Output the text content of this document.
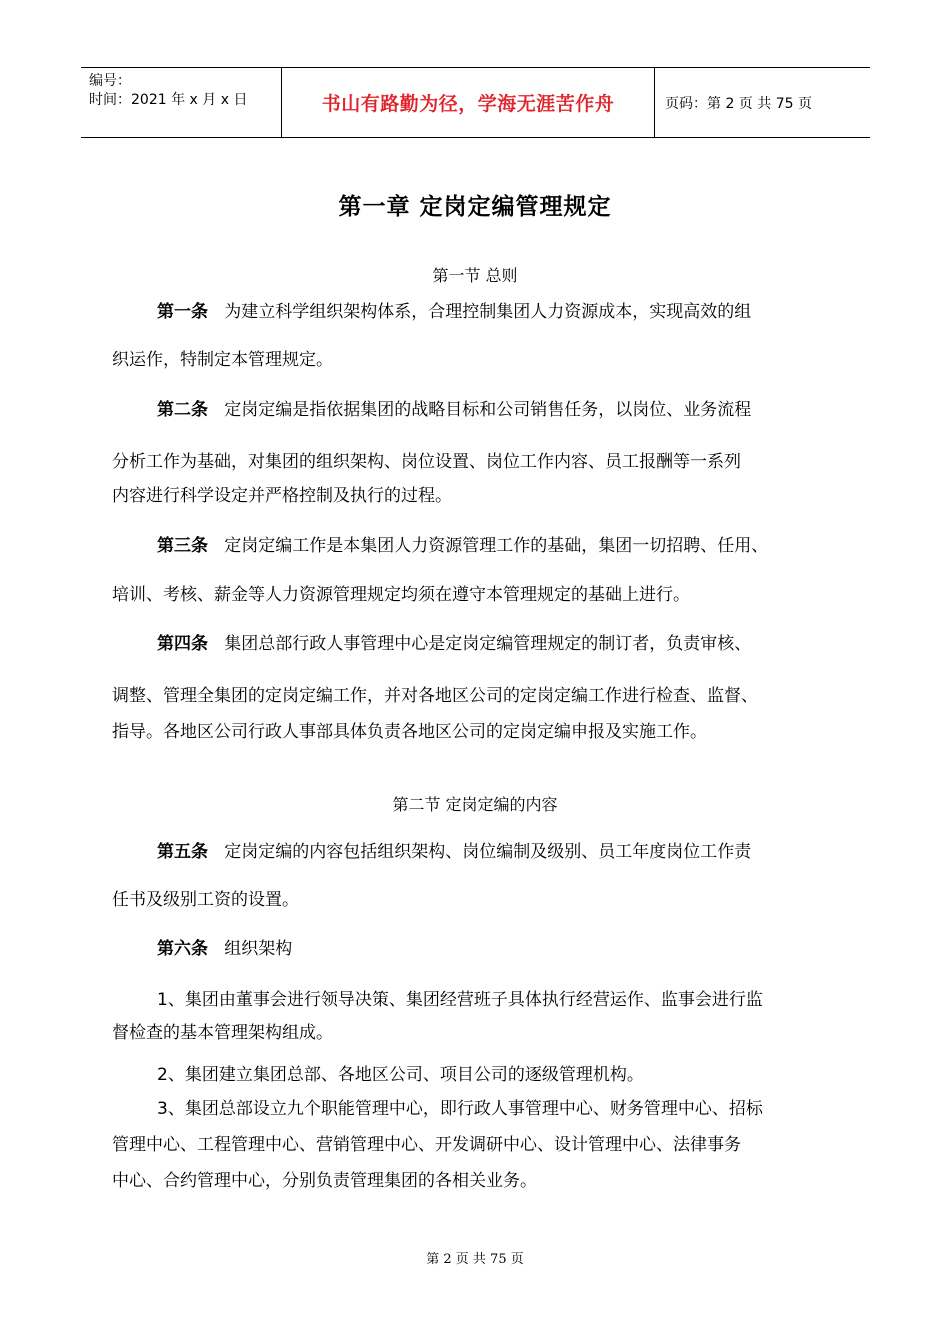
编号：
时间：2021 年 x 月 x 日	书山有路勤为径，学海无涯苦作舟	页码：第 2 页 共 75 页
第一章 定岗定编管理规定
第一节 总则
第一条 为建立科学组织架构体系，合理控制集团人力资源成本，实现高效的组
织运作，特制定本管理规定。
第二条 定岗定编是指依据集团的战略目标和公司销售任务，以岗位、业务流程
分析工作为基础，对集团的组织架构、岗位设置、岗位工作内容、员工报酬等一系列
内容进行科学设定并严格控制及执行的过程。
第三条 定岗定编工作是本集团人力资源管理工作的基础，集团一切招聘、任用、
培训、考核、薪金等人力资源管理规定均须在遵守本管理规定的基础上进行。
第四条 集团总部行政人事管理中心是定岗定编管理规定的制订者，负责审核、
调整、管理全集团的定岗定编工作，并对各地区公司的定岗定编工作进行检查、监督、
指导。各地区公司行政人事部具体负责各地区公司的定岗定编申报及实施工作。
第二节 定岗定编的内容
第五条 定岗定编的内容包括组织架构、岗位编制及级别、员工年度岗位工作责
任书及级别工资的设置。
第六条 组织架构
1、集团由董事会进行领导决策、集团经营班子具体执行经营运作、监事会进行监
督检查的基本管理架构组成。
2、集团建立集团总部、各地区公司、项目公司的逐级管理机构。
3、集团总部设立九个职能管理中心，即行政人事管理中心、财务管理中心、招标
管理中心、工程管理中心、营销管理中心、开发调研中心、设计管理中心、法律事务
中心、合约管理中心，分别负责管理集团的各相关业务。
第 2 页 共 75 页
